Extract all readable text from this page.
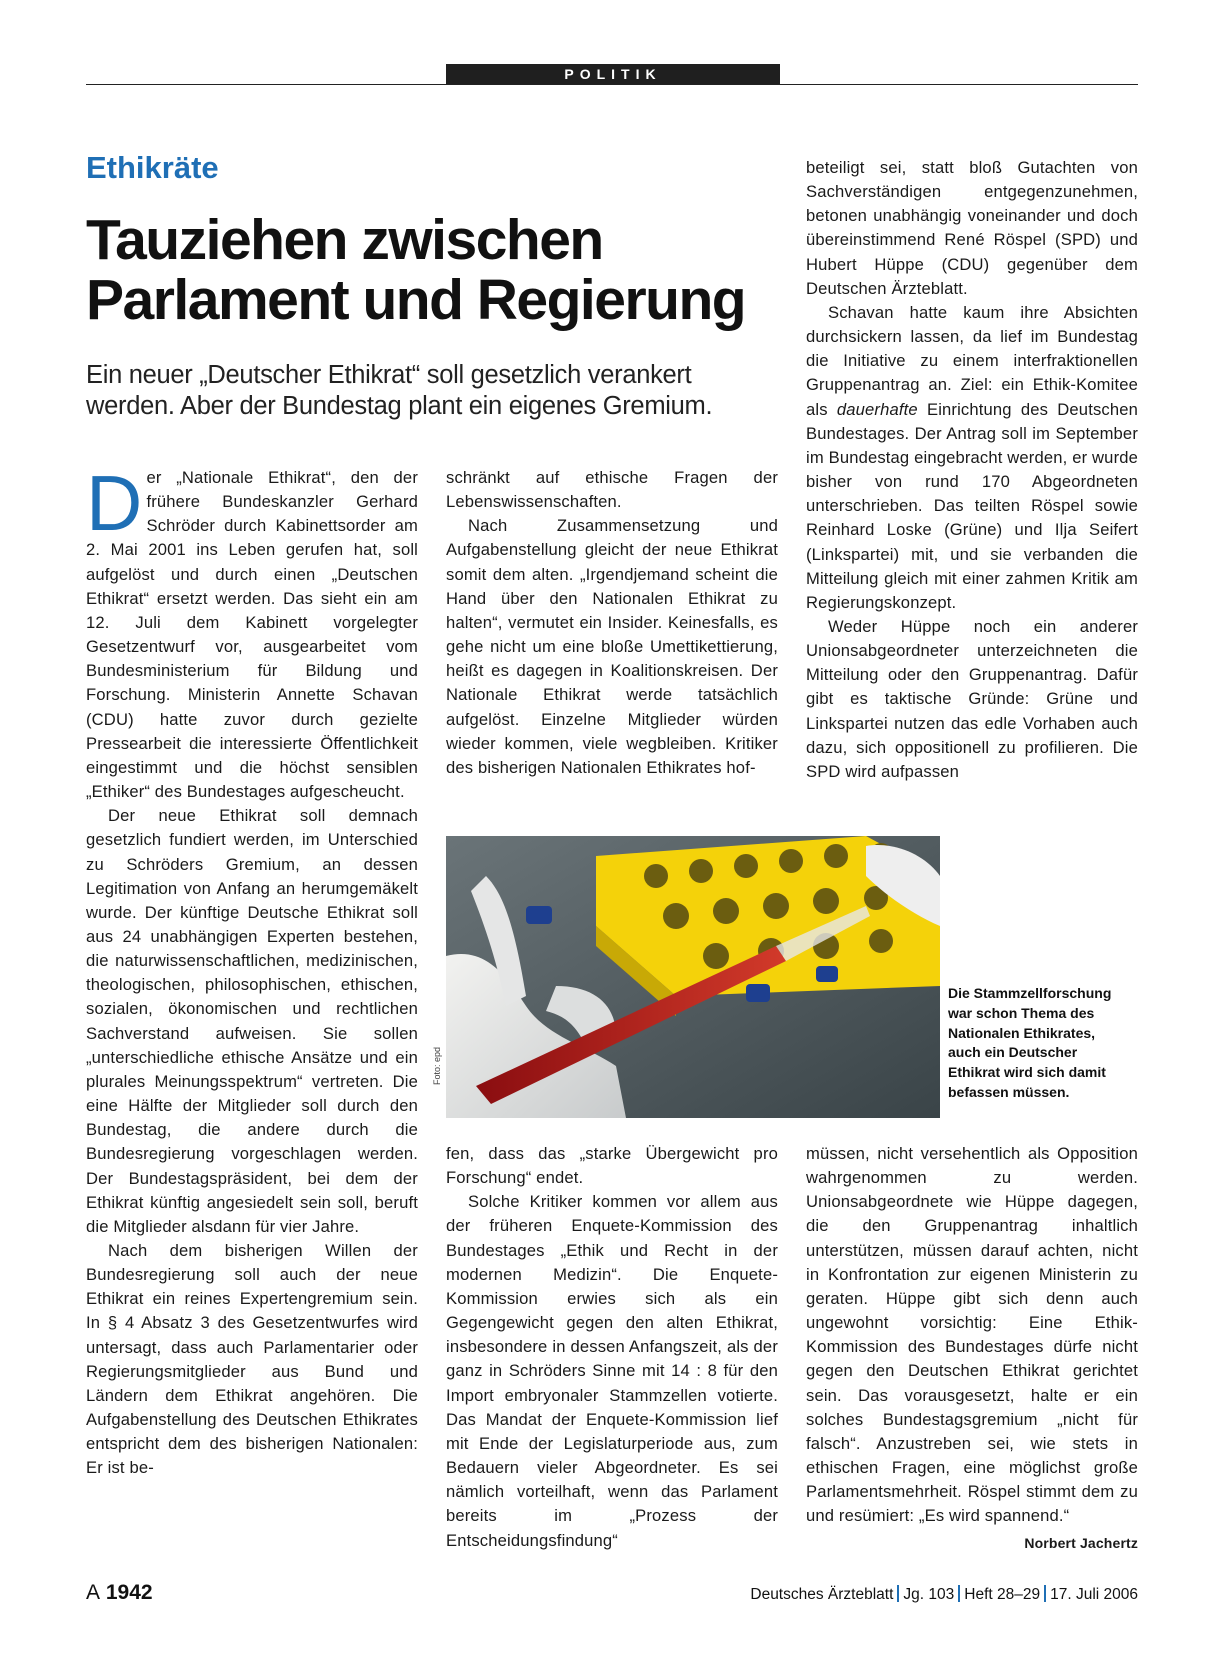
POLITIK
Ethikräte
Tauziehen zwischen
Parlament und Regierung
Ein neuer „Deutscher Ethikrat“ soll gesetzlich verankert
werden. Aber der Bundestag plant ein eigenes Gremium.

Der „Nationale Ethikrat“, den der frühere Bundeskanzler Gerhard Schröder durch Kabinettsorder am 2. Mai 2001 ins Leben gerufen hat, soll aufgelöst und durch einen „Deutschen Ethikrat“ ersetzt werden. Das sieht ein am 12. Juli dem Kabinett vorgelegter Gesetzentwurf vor, ausgearbeitet vom Bundesministerium für Bildung und Forschung. Ministerin Annette Schavan (CDU) hatte zuvor durch gezielte Pressearbeit die interessierte Öffentlichkeit eingestimmt und die höchst sensiblen „Ethiker“ des Bundestages aufgescheucht.

Der neue Ethikrat soll demnach gesetzlich fundiert werden, im Unterschied zu Schröders Gremium, an dessen Legitimation von Anfang an herumgemäkelt wurde. Der künftige Deutsche Ethikrat soll aus 24 unabhängigen Experten bestehen, die naturwissenschaftlichen, medizinischen, theologischen, philosophischen, ethischen, sozialen, ökonomischen und rechtlichen Sachverstand aufweisen. Sie sollen „unterschiedliche ethische Ansätze und ein plurales Meinungsspektrum“ vertreten. Die eine Hälfte der Mitglieder soll durch den Bundestag, die andere durch die Bundesregierung vorgeschlagen werden. Der Bundestagspräsident, bei dem der Ethikrat künftig angesiedelt sein soll, beruft die Mitglieder alsdann für vier Jahre.

Nach dem bisherigen Willen der Bundesregierung soll auch der neue Ethikrat ein reines Expertengremium sein. In § 4 Absatz 3 des Gesetzentwurfes wird untersagt, dass auch Parlamentarier oder Regierungsmitglieder aus Bund und Ländern dem Ethikrat angehören. Die Aufgabenstellung des Deutschen Ethikrates entspricht dem des bisherigen Nationalen: Er ist be-

schränkt auf ethische Fragen der Lebenswissenschaften.

Nach Zusammensetzung und Aufgabenstellung gleicht der neue Ethikrat somit dem alten. „Irgendjemand scheint die Hand über den Nationalen Ethikrat zu halten“, vermutet ein Insider. Keinesfalls, es gehe nicht um eine bloße Umettikettierung, heißt es dagegen in Koalitionskreisen. Der Nationale Ethikrat werde tatsächlich aufgelöst. Einzelne Mitglieder würden wieder kommen, viele wegbleiben. Kritiker des bisherigen Nationalen Ethikrates hof-

beteiligt sei, statt bloß Gutachten von Sachverständigen entgegenzunehmen, betonen unabhängig voneinander und doch übereinstimmend René Röspel (SPD) und Hubert Hüppe (CDU) gegenüber dem Deutschen Ärzteblatt.

Schavan hatte kaum ihre Absichten durchsickern lassen, da lief im Bundestag die Initiative zu einem interfraktionellen Gruppenantrag an. Ziel: ein Ethik-Komitee als dauerhafte Einrichtung des Deutschen Bundestages. Der Antrag soll im September im Bundestag eingebracht werden, er wurde bisher von rund 170 Abgeordneten unterschrieben. Das teilten Röspel sowie Reinhard Loske (Grüne) und Ilja Seifert (Linkspartei) mit, und sie verbanden die Mitteilung gleich mit einer zahmen Kritik am Regierungskonzept.

Weder Hüppe noch ein anderer Unionsabgeordneter unterzeichneten die Mitteilung oder den Gruppenantrag. Dafür gibt es taktische Gründe: Grüne und Linkspartei nutzen das edle Vorhaben auch dazu, sich oppositionell zu profilieren. Die SPD wird aufpassen

Foto: epd
Die Stammzellforschung war schon Thema des Nationalen Ethikrates, auch ein Deutscher Ethikrat wird sich damit befassen müssen.

fen, dass das „starke Übergewicht pro Forschung“ endet.

Solche Kritiker kommen vor allem aus der früheren Enquete-Kommission des Bundestages „Ethik und Recht in der modernen Medizin“. Die Enquete-Kommission erwies sich als ein Gegengewicht gegen den alten Ethikrat, insbesondere in dessen Anfangszeit, als der ganz in Schröders Sinne mit 14 : 8 für den Import embryonaler Stammzellen votierte. Das Mandat der Enquete-Kommission lief mit Ende der Legislaturperiode aus, zum Bedauern vieler Abgeordneter. Es sei nämlich vorteilhaft, wenn das Parlament bereits im „Prozess der Entscheidungsfindung“

müssen, nicht versehentlich als Opposition wahrgenommen zu werden. Unionsabgeordnete wie Hüppe dagegen, die den Gruppenantrag inhaltlich unterstützen, müssen darauf achten, nicht in Konfrontation zur eigenen Ministerin zu geraten. Hüppe gibt sich denn auch ungewohnt vorsichtig: Eine Ethik-Kommission des Bundestages dürfe nicht gegen den Deutschen Ethikrat gerichtet sein. Das vorausgesetzt, halte er ein solches Bundestagsgremium „nicht für falsch“. Anzustreben sei, wie stets in ethischen Fragen, eine möglichst große Parlamentsmehrheit. Röspel stimmt dem zu und resümiert: „Es wird spannend.“
Norbert Jachertz

A 1942	Deutsches Ärzteblatt Jg. 103 Heft 28–29 17. Juli 2006
